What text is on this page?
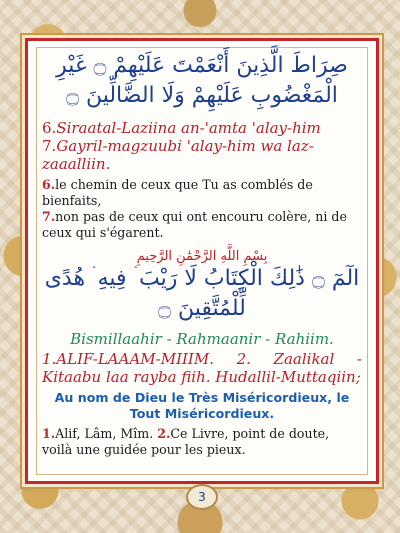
صِرَاطَ الَّذِينَ أَنْعَمْتَ عَلَيْهِمْ ۝ غَيْرِ الْمَغْضُوبِ عَلَيْهِمْ وَلَا الضَّالِّينَ ۝

6.Siraatal-Laziina an-'amta 'alay-him
7.Gayril-magzuubi 'alay-him wa laz-zaaalliin.

6.le chemin de ceux que Tu as comblés de bienfaits,
7.non pas de ceux qui ont encouru colère, ni de ceux qui s'égarent.

بِسْمِ اللَّهِ الرَّحْمَٰنِ الرَّحِيمِ

الٓمٓ ۝ ذَٰلِكَ الْكِتَابُ لَا رَيْبَ ۛ فِيهِ ۛ هُدًى لِّلْمُتَّقِينَ ۝

Bismillaahir - Rahmaanir - Rahiim.

1.ALIF-LAAAM-MIIIM. 2. Zaalikal - Kitaabu laa rayba fiih. Hudallil-Muttaqiin;

Au nom de Dieu le Très Miséricordieux, le Tout Miséricordieux.

1.Alif, Lâm, Mîm. 2.Ce Livre, point de doute, voilà une guidée pour les pieux.

3
